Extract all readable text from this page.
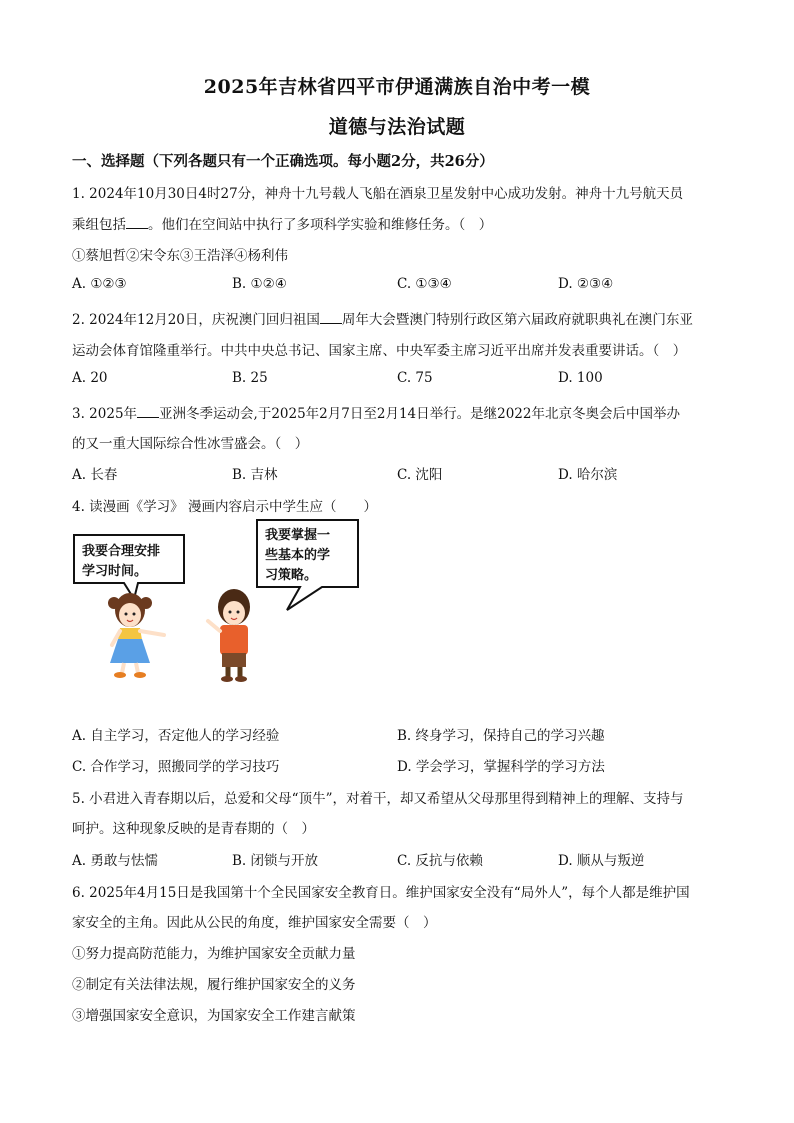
2025年吉林省四平市伊通满族自治中考一模
道德与法治试题
一、选择题（下列各题只有一个正确选项。每小题2分，共26分）
1. 2024年10月30日4时27分，神舟十九号载人飞船在酒泉卫星发射中心成功发射。神舟十九号航天员
乘组包括 。他们在空间站中执行了多项科学实验和维修任务。（　）
①蔡旭哲②宋令东③王浩泽④杨利伟
A. ①②③	B. ①②④	C. ①③④	D. ②③④
2. 2024年12月20日，庆祝澳门回归祖国 周年大会暨澳门特别行政区第六届政府就职典礼在澳门东亚
运动会体育馆隆重举行。中共中央总书记、国家主席、中央军委主席习近平出席并发表重要讲话。（　）
A. 20	B. 25	C. 75	D. 100
3. 2025年 亚洲冬季运动会,于2025年2月7日至2月14日举行。是继2022年北京冬奥会后中国举办
的又一重大国际综合性冰雪盛会。（　）
A. 长春	B. 吉林	C. 沈阳	D. 哈尔滨
4. 读漫画《学习》 漫画内容启示中学生应（　　）
我要合理安排
学习时间。
我要掌握一
些基本的学
习策略。
A. 自主学习，否定他人的学习经验	B. 终身学习，保持自己的学习兴趣
C. 合作学习，照搬同学的学习技巧	D. 学会学习，掌握科学的学习方法
5. 小君进入青春期以后，总爱和父母“顶牛”，对着干，却又希望从父母那里得到精神上的理解、支持与
呵护。这种现象反映的是青春期的（　）
A. 勇敢与怯懦	B. 闭锁与开放	C. 反抗与依赖	D. 顺从与叛逆
6. 2025年4月15日是我国第十个全民国家安全教育日。维护国家安全没有“局外人”，每个人都是维护国
家安全的主角。因此从公民的角度，维护国家安全需要（　）
①努力提高防范能力，为维护国家安全贡献力量
②制定有关法律法规，履行维护国家安全的义务
③增强国家安全意识，为国家安全工作建言献策
